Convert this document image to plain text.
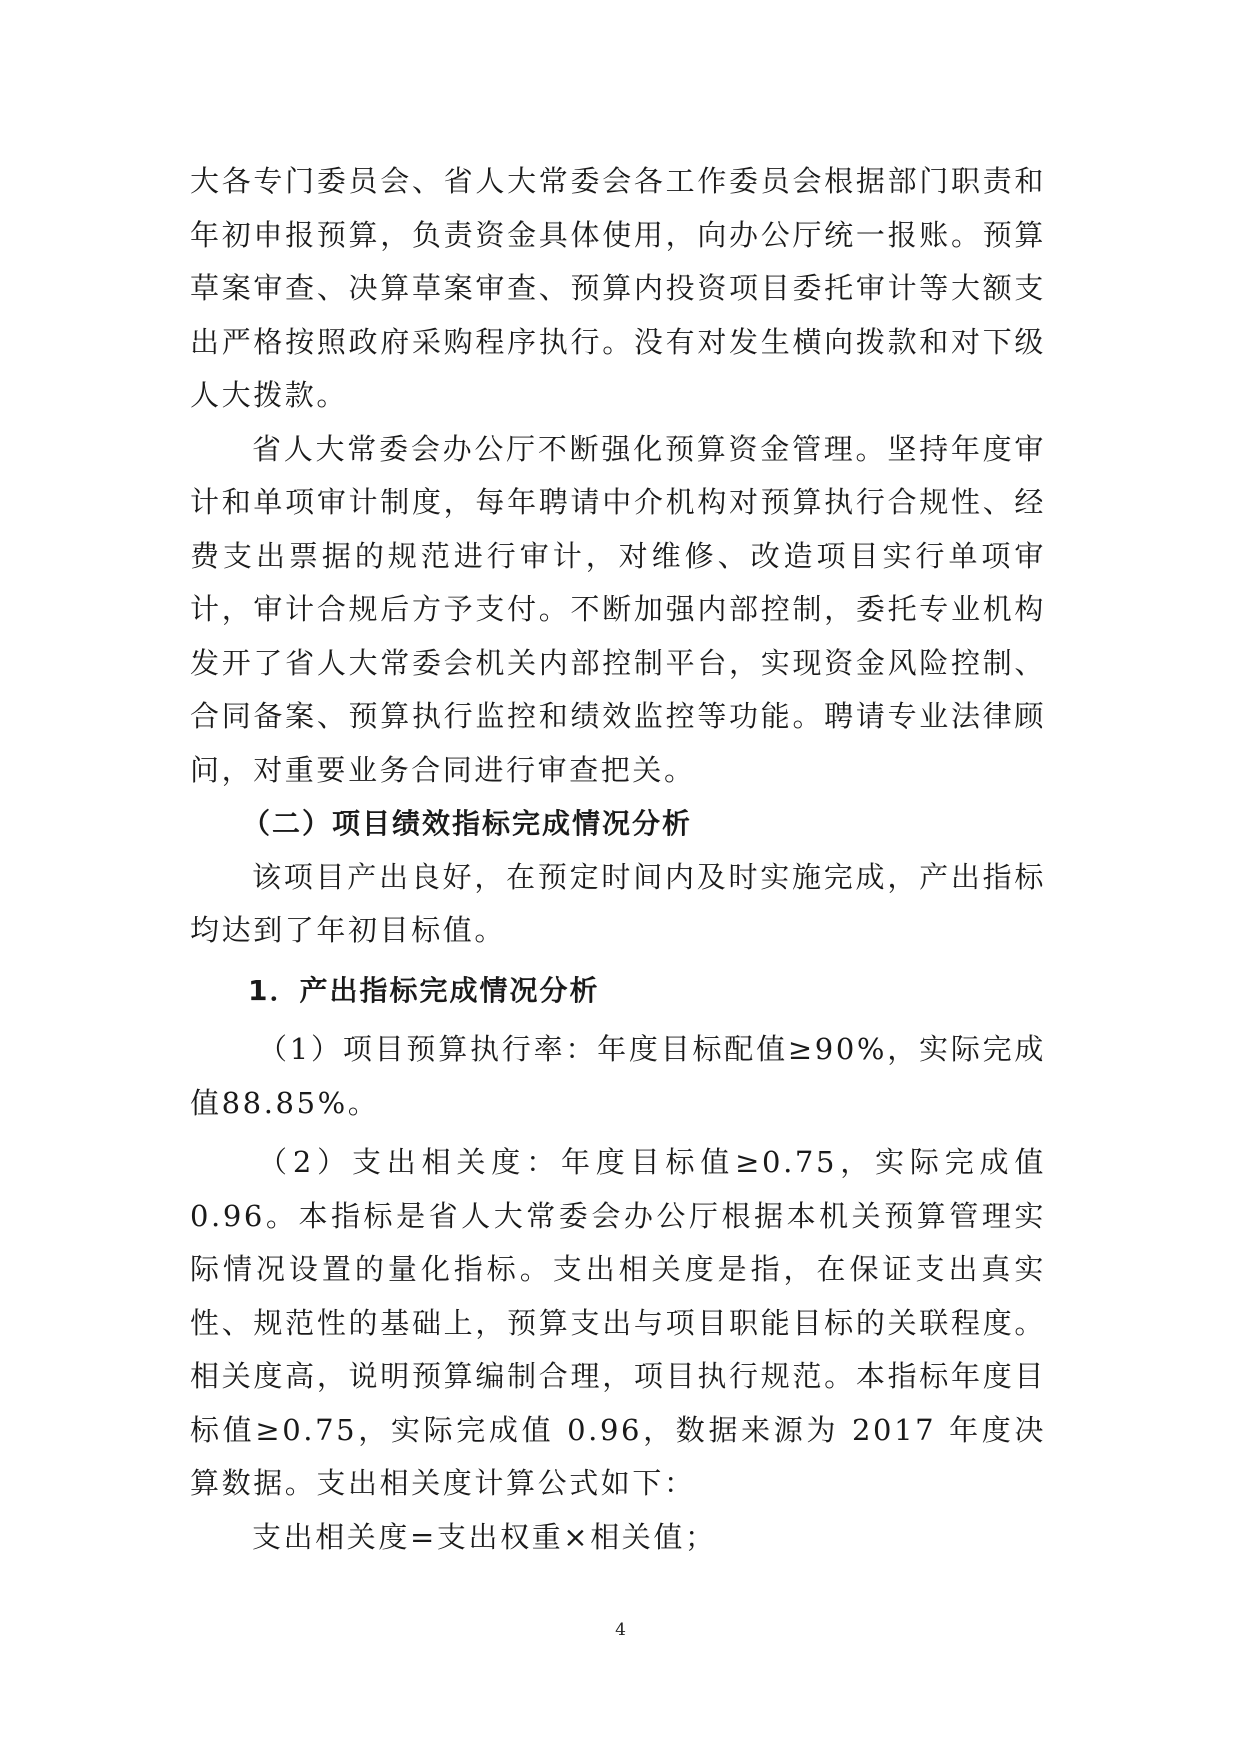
大各专门委员会、省人大常委会各工作委员会根据部门职责和年初申报预算，负责资金具体使用，向办公厅统一报账。预算草案审查、决算草案审查、预算内投资项目委托审计等大额支出严格按照政府采购程序执行。没有对发生横向拨款和对下级人大拨款。

省人大常委会办公厅不断强化预算资金管理。坚持年度审计和单项审计制度，每年聘请中介机构对预算执行合规性、经费支出票据的规范进行审计，对维修、改造项目实行单项审计，审计合规后方予支付。不断加强内部控制，委托专业机构发开了省人大常委会机关内部控制平台，实现资金风险控制、合同备案、预算执行监控和绩效监控等功能。聘请专业法律顾问，对重要业务合同进行审查把关。

（二）项目绩效指标完成情况分析

该项目产出良好，在预定时间内及时实施完成，产出指标均达到了年初目标值。

1．产出指标完成情况分析

（1）项目预算执行率：年度目标配值≥90%，实际完成值88.85%。

（2）支出相关度：年度目标值≥0.75，实际完成值 0.96。本指标是省人大常委会办公厅根据本机关预算管理实际情况设置的量化指标。支出相关度是指，在保证支出真实性、规范性的基础上，预算支出与项目职能目标的关联程度。相关度高，说明预算编制合理，项目执行规范。本指标年度目标值≥0.75，实际完成值 0.96，数据来源为 2017 年度决算数据。支出相关度计算公式如下：

支出相关度=支出权重×相关值；

4
